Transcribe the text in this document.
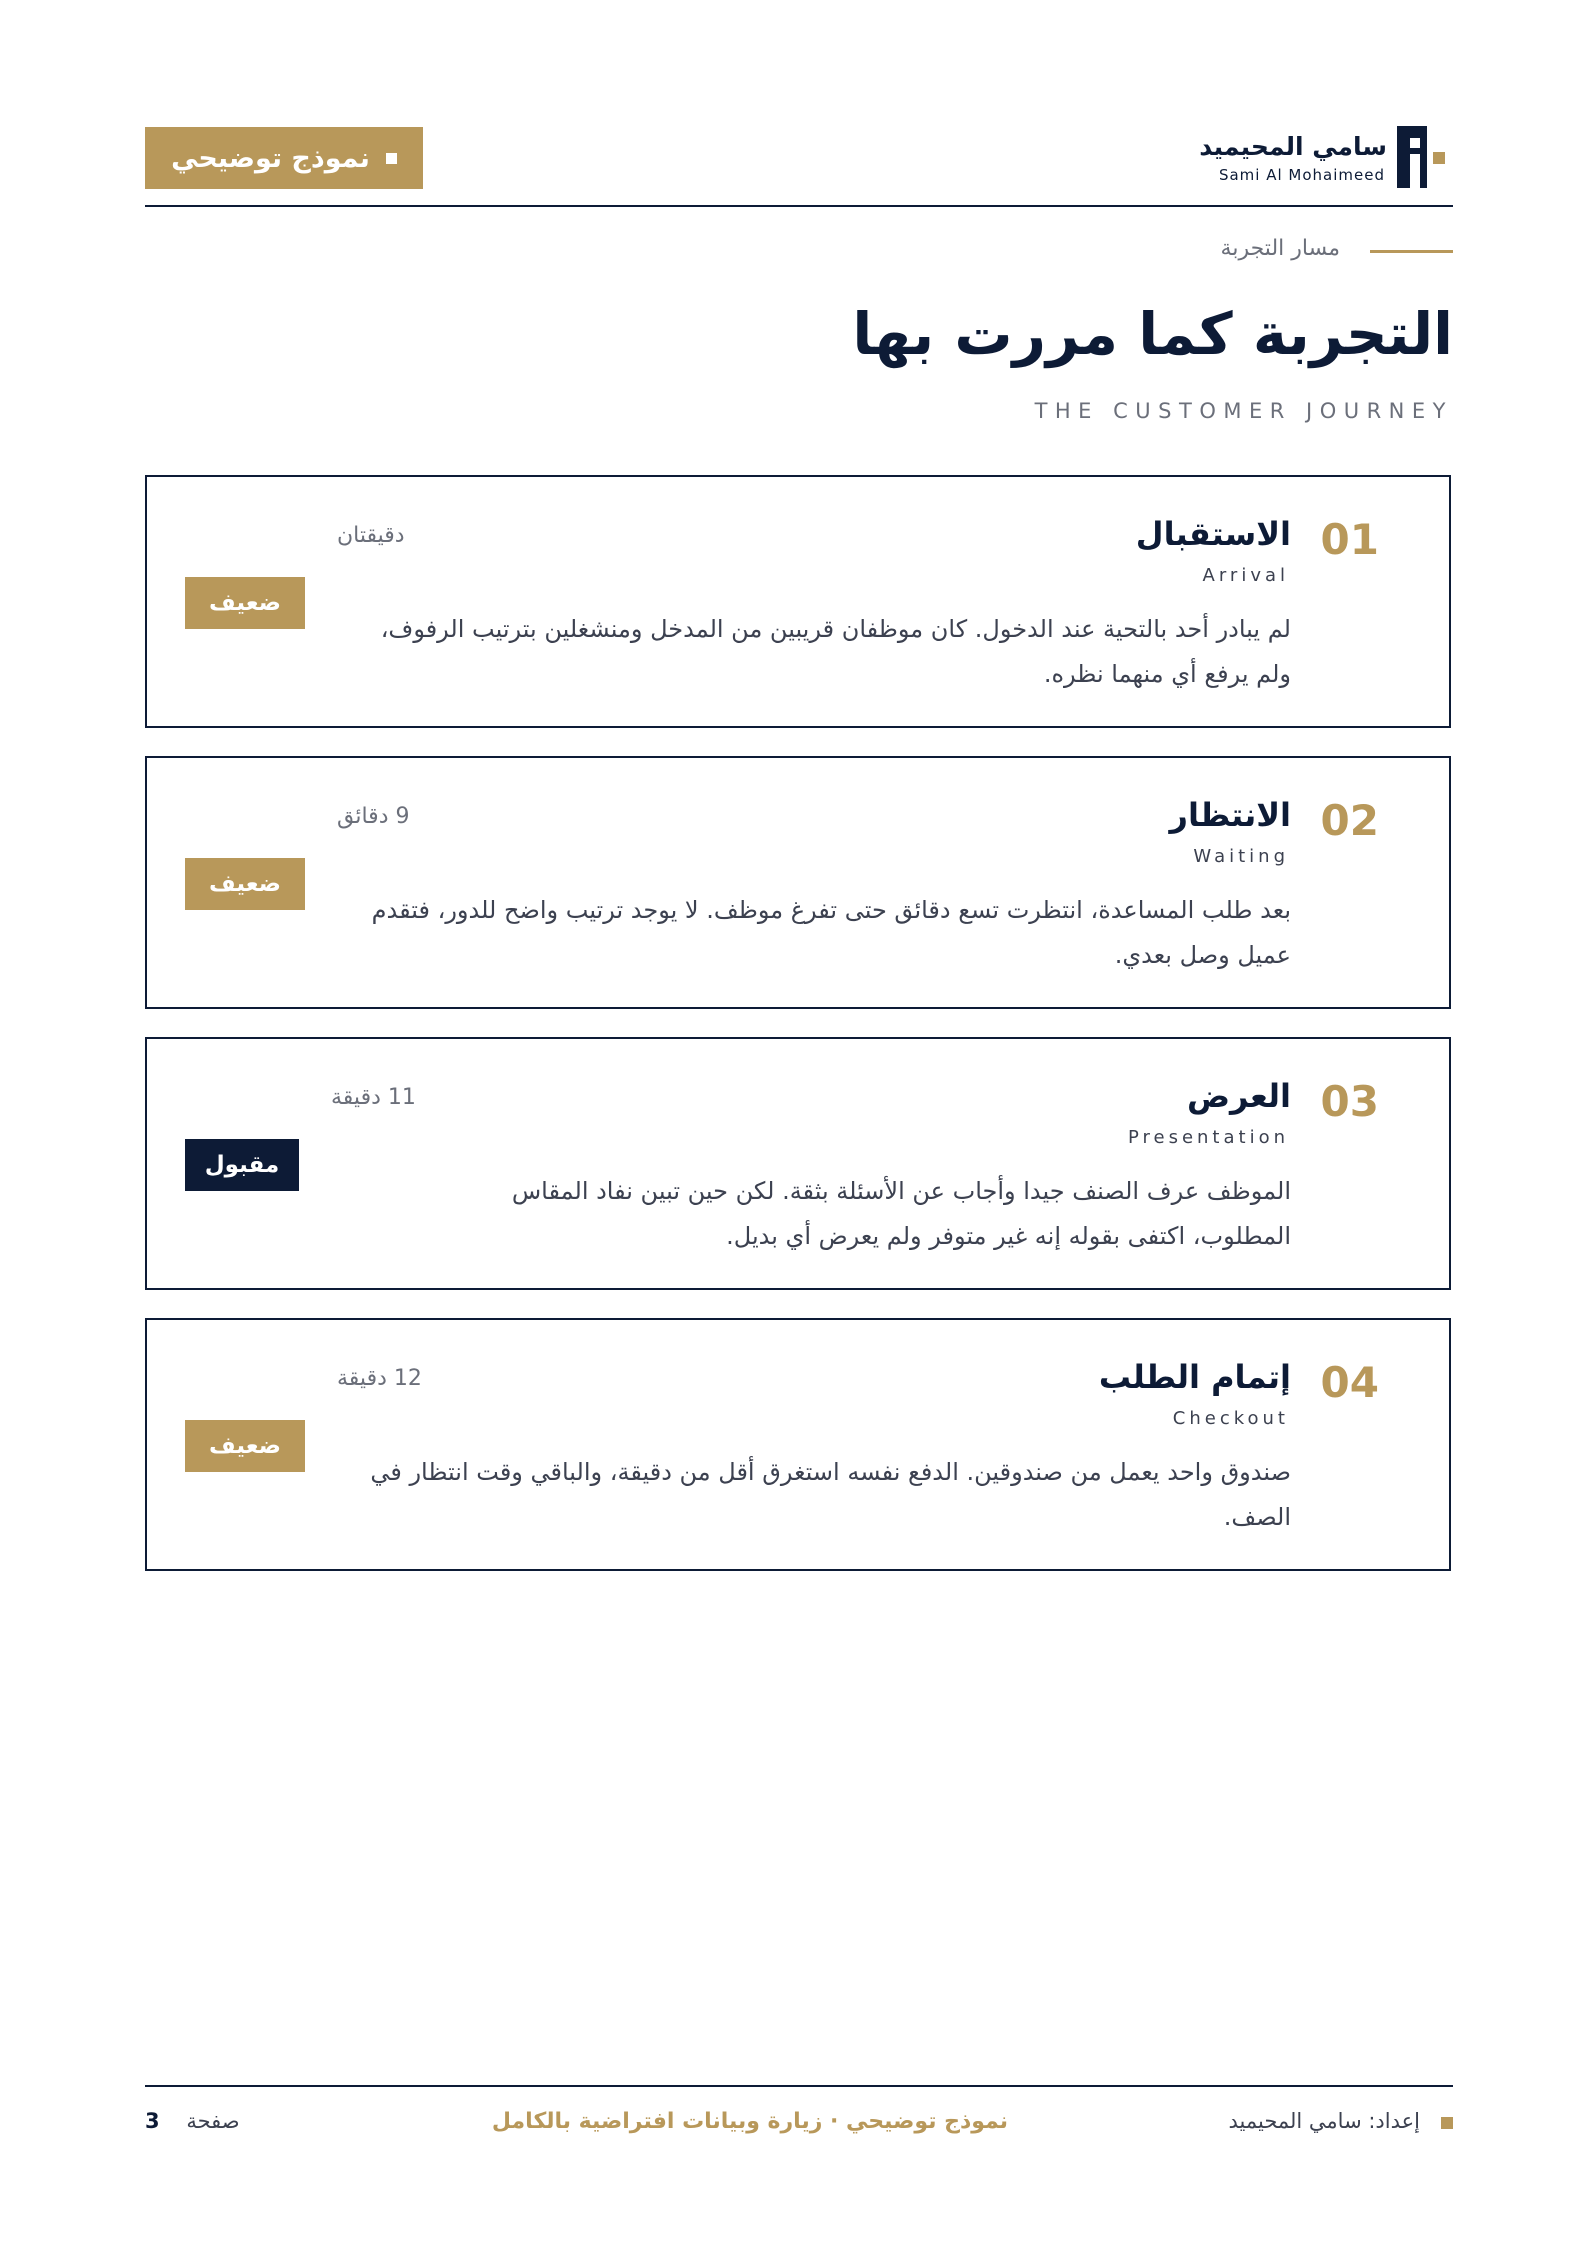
سامي المحيميد
Sami Al Mohaimeed
نموذج توضيحي
مسار التجربة
التجربة كما مررت بها
THE CUSTOMER JOURNEY
01
الاستقبال
Arrival
لم يبادر أحد بالتحية عند الدخول. كان موظفان قريبين من المدخل ومنشغلين بترتيب الرفوف، ولم يرفع أي منهما نظره.
دقيقتان
ضعيف
02
الانتظار
Waiting
بعد طلب المساعدة، انتظرت تسع دقائق حتى تفرغ موظف. لا يوجد ترتيب واضح للدور، فتقدم عميل وصل بعدي.
9 دقائق
ضعيف
03
العرض
Presentation
الموظف عرف الصنف جيدا وأجاب عن الأسئلة بثقة. لكن حين تبين نفاد المقاس المطلوب، اكتفى بقوله إنه غير متوفر ولم يعرض أي بديل.
11 دقيقة
مقبول
04
إتمام الطلب
Checkout
صندوق واحد يعمل من صندوقين. الدفع نفسه استغرق أقل من دقيقة، والباقي وقت انتظار في الصف.
12 دقيقة
ضعيف
إعداد: سامي المحيميد
نموذج توضيحي · زيارة وبيانات افتراضية بالكامل
صفحة    3
